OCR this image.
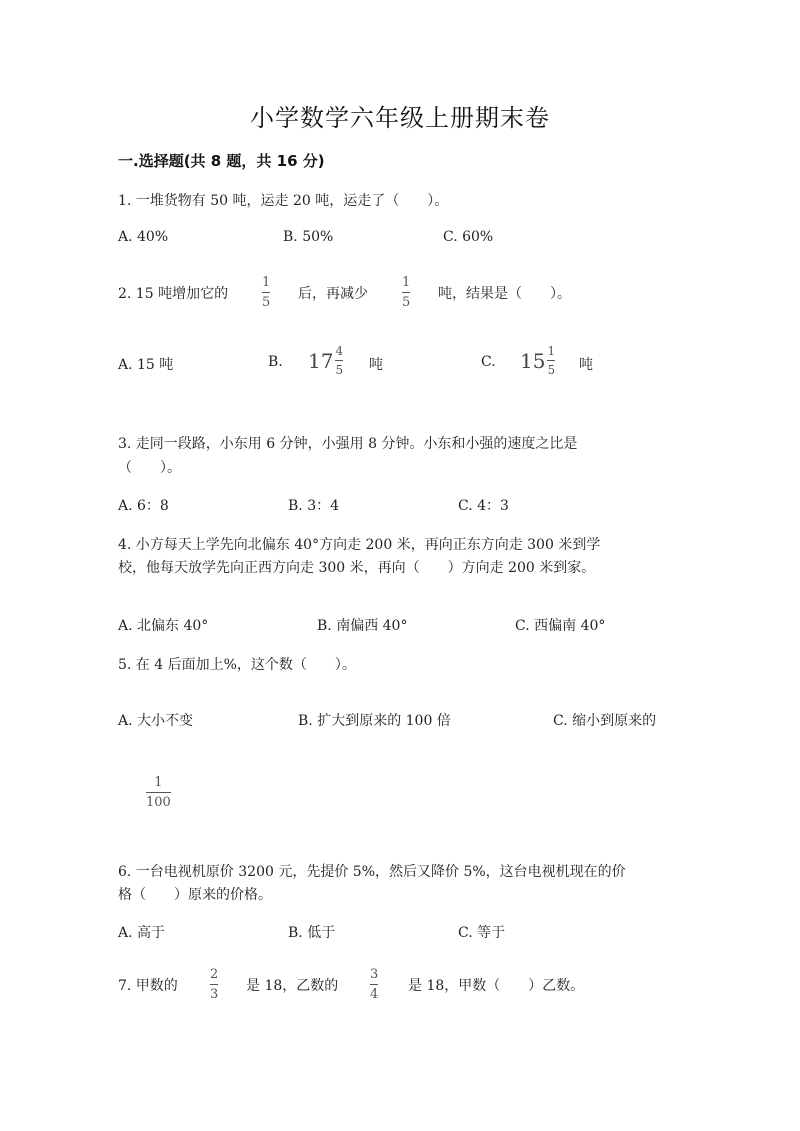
小学数学六年级上册期末卷
一.选择题(共 8 题，共 16 分)
1. 一堆货物有 50 吨，运走 20 吨，运走了（　　）。
A. 40%	B. 50%	C. 60%
2. 15 吨增加它的
1
5
后，再减少
1
5
吨，结果是（　　）。
A. 15 吨	B. $17 \frac{4}{5}$ 吨	C. $15 \frac{1}{5}$ 吨
3. 走同一段路，小东用 6 分钟，小强用 8 分钟。小东和小强的速度之比是
（　　）。
A. 6：8	B. 3：4	C. 4：3
4. 小方每天上学先向北偏东 40°方向走 200 米，再向正东方向走 300 米到学
校，他每天放学先向正西方向走 300 米，再向（　　）方向走 200 米到家。
A. 北偏东 40°	B. 南偏西 40°	C. 西偏南 40°
5. 在 4 后面加上%，这个数（　　）。
A. 大小不变	B. 扩大到原来的 100 倍	C. 缩小到原来的
1
100
6. 一台电视机原价 3200 元，先提价 5%，然后又降价 5%，这台电视机现在的价
格（　　）原来的价格。
A. 高于	B. 低于	C. 等于
7. 甲数的
2
3
是 18，乙数的
3
4
是 18，甲数（　　）乙数。
